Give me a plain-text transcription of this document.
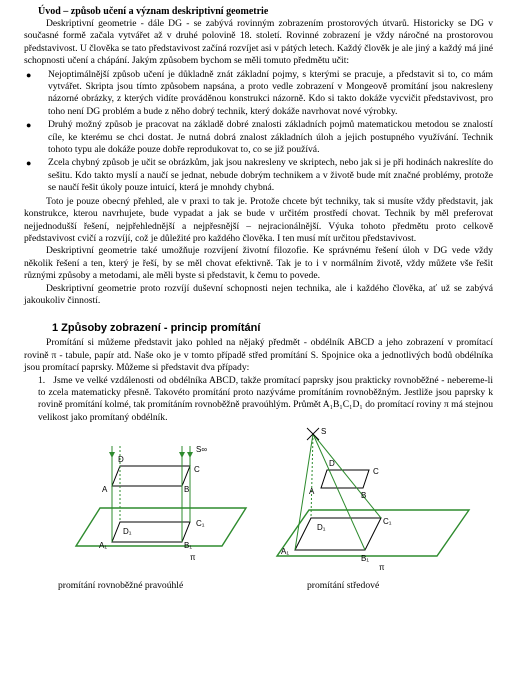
Úvod – způsob učení a význam deskriptivní geometrie

Deskriptivní geometrie - dále DG - se zabývá rovinným zobrazením prostorových útvarů. Historicky se DG v současné formě začala vytvářet až v druhé polovině 18. století. Rovinné zobrazení je vždy náročné na prostorovou představivost. U člověka se tato představivost začíná rozvíjet asi v pátých letech. Každý člověk je ale jiný a každý má jiné schopnosti učení a chápání. Jakým způsobem bychom se měli tomuto předmětu učit:

● Nejoptimálnější způsob učení je důkladně znát základní pojmy, s kterými se pracuje, a představit si to, co mám vytvářet. Skripta jsou tímto způsobem napsána, a proto vedle zobrazení v Mongeově promítání jsou nakresleny názorné obrázky, z kterých vidíte prováděnou konstrukci názorně. Kdo si takto dokáže vycvičit představivost, pro toho není DG problém a bude z něho dobrý technik, který dokáže navrhovat nové výrobky.
● Druhý možný způsob je pracovat na základě dobré znalosti základních pojmů matematickou metodou se znalostí cíle, ke kterému se chci dostat. Je nutná dobrá znalost základních úloh a jejich postupného využívání. Technik tohoto typu ale dokáže pouze dobře reprodukovat to, co se již používá.
● Zcela chybný způsob je učit se obrázkům, jak jsou nakresleny ve skriptech, nebo jak si je při hodinách nakreslíte do sešitu. Kdo takto myslí a naučí se jednat, nebude dobrým technikem a v životě bude mít značné problémy, protože se naučí řešit úkoly pouze intuicí, která je mnohdy chybná.

Toto je pouze obecný přehled, ale v praxi to tak je. Protože chcete být techniky, tak si musíte vždy představit, jak konstrukce, kterou navrhujete, bude vypadat a jak se bude v určitém prostředí chovat. Technik by měl preferovat nejjednodušší řešení, nejpřehlednější a nejpřesnější – nejracionálnější. Výuka tohoto předmětu proto celkově představivost cvičí a rozvíjí, což je důležité pro každého člověka. I ten musí mít určitou představivost.

Deskriptivní geometrie také umožňuje rozvíjení životní filozofie. Ke správnému řešení úloh v DG vede vždy několik řešení a ten, který je řeší, by se měl chovat efektivně. Tak je to i v normálním životě, vždy můžete vše řešit různými způsoby a metodami, ale měli byste si představit, k čemu to povede.

Deskriptivní geometrie proto rozvíjí duševní schopnosti nejen technika, ale i každého člověka, ať už se zabývá jakoukoliv činností.

1 Způsoby zobrazení - princip promítání

Promítání si můžeme představit jako pohled na nějaký předmět - obdélník ABCD a jeho zobrazení v promítací rovině π - tabule, papír atd. Naše oko je v tomto případě střed promítání S. Spojnice oka a jednotlivých bodů obdélníka jsou promítací paprsky. Můžeme si představit dva případy:

1. Jsme ve velké vzdálenosti od obdélníka ABCD, takže promítací paprsky jsou prakticky rovnoběžné - nebereme-li to zcela matematicky přesně. Takovéto promítání proto nazýváme promítáním rovnoběžným. Jestliže jsou paprsky k rovině promítání kolmé, tak promítáním rovnoběžně pravoúhlým. Průmět A₁B₁C₁D₁ do promítací roviny π má stejnou velikost jako promítaný obdélník.

S∞
A	B
C
D
A₁	B₁
C₁
D₁
π
promítání rovnoběžné pravoúhlé
S
A	B
C
D
A₁
B₁
C₁
D₁
π
promítání středové
